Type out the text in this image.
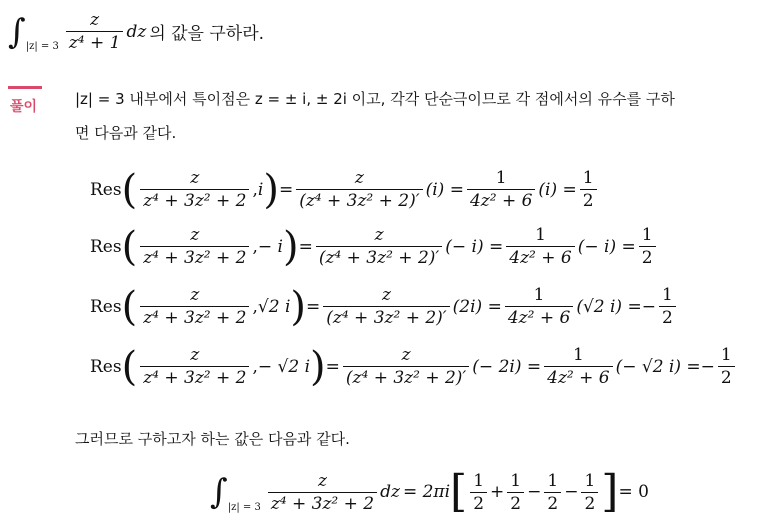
∫ $|z| = 3 \frac{z}{\text{z⁴ + 1}}$ dz 의 값을 구하라.
풀이	|z| = 3 내부에서 특이점은 z = ± i, ± 2i 이고, 각각 단순극이므로 각 점에서의 유수를 구하
면 다음과 같다.
Res ( $\frac{z}{\text{z⁴ + 3z² + 2}}$ , i ) = $\frac{z}{\text{(z⁴ + 3z² + 2)′}} (i) = \frac{1}{\text{4z² + 6}} (i) = \frac{1}{2}$
Res ( $\frac{z}{\text{z⁴ + 3z² + 2}}$ , − i ) = $\frac{z}{\text{(z⁴ + 3z² + 2)′}}$ (− $i) = \frac{1}{\text{4z² + 6}}$ (− $i) = \frac{1}{2}$
Res ( $\frac{z}{\text{z⁴ + 3z² + 2}}$ , √2 i ) = $\frac{z}{\text{(z⁴ + 3z² + 2)′}} (2i) = \frac{1}{\text{4z² + 6}} (√2$ i) = − $\frac{1}{2}$
Res ( $\frac{z}{\text{z⁴ + 3z² + 2}}$ , − √2 i ) = $\frac{z}{\text{(z⁴ + 3z² + 2)′}}$ (− $2i) = \frac{1}{\text{4z² + 6}}$ (− √2 i) = − $\frac{1}{2}$
그러므로 구하고자 하는 값은 다음과 같다.
∫ $|z| = 3 \frac{z}{\text{z⁴ + 3z² + 2}}$ dz = 2πi [ $\frac{1}{2} + \frac{1}{2} - \frac{1}{2} - \frac{1}{2}$ ] = 0
